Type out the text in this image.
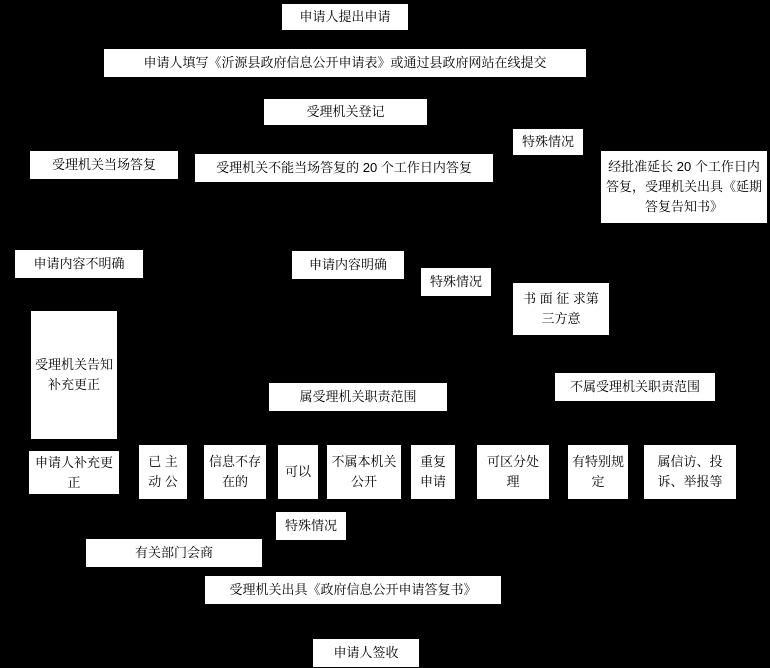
申请人提出申请
申请人填写《沂源县政府信息公开申请表》或通过县政府网站在线提交
受理机关登记
特殊情况
受理机关当场答复	受理机关不能当场答复的 20 个工作日内答复	经批准延长 20 个工作日内答复，受理机关出具《延期答复告知书》
申请内容不明确	申请内容明确
特殊情况
书 面 征 求第三方意
受理机关告知补充更正
属受理机关职责范围
不属受理机关职责范围
申请人补充更正
已 主 动 公
信息不存在的
可以
不属本机关公开
重复申请
可区分处理
有特别规定
属信访、投诉、举报等
特殊情况
有关部门会商
受理机关出具《政府信息公开申请答复书》
申请人签收
